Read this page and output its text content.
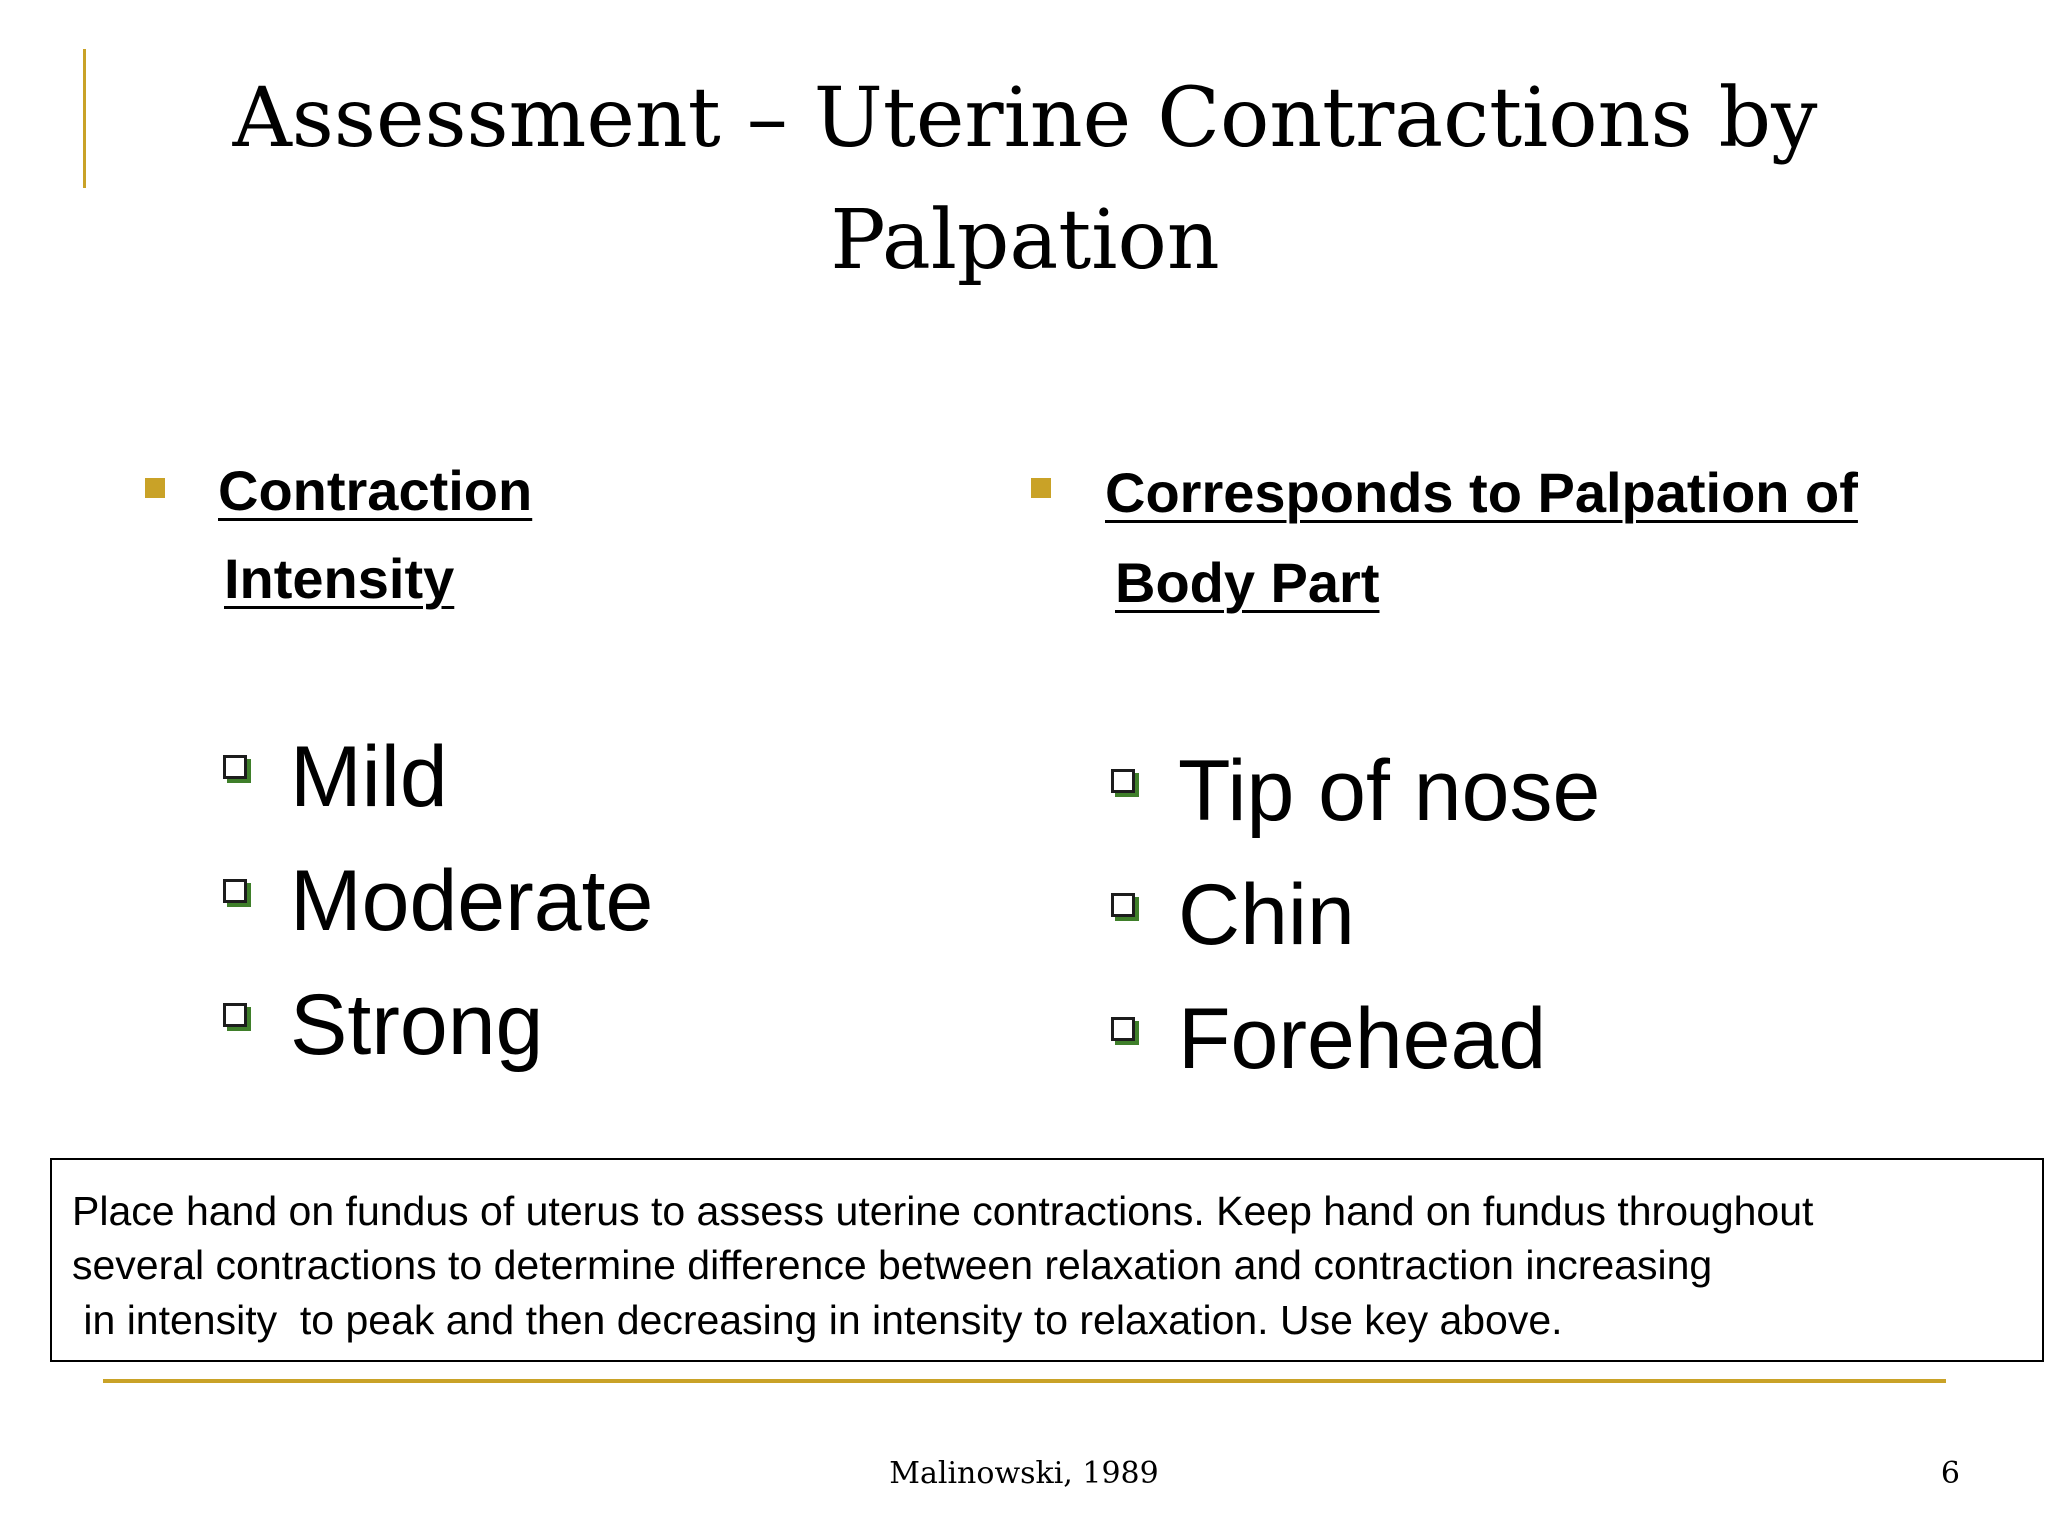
Assessment – Uterine Contractions by
Palpation
Contraction
Intensity
Corresponds to Palpation of
Body Part
Mild
Moderate
Strong
Tip of nose
Chin
Forehead
Place hand on fundus of uterus to assess uterine contractions. Keep hand on fundus throughout
several contractions to determine difference between relaxation and contraction increasing
in intensity  to peak and then decreasing in intensity to relaxation. Use key above.
Malinowski, 1989	6
